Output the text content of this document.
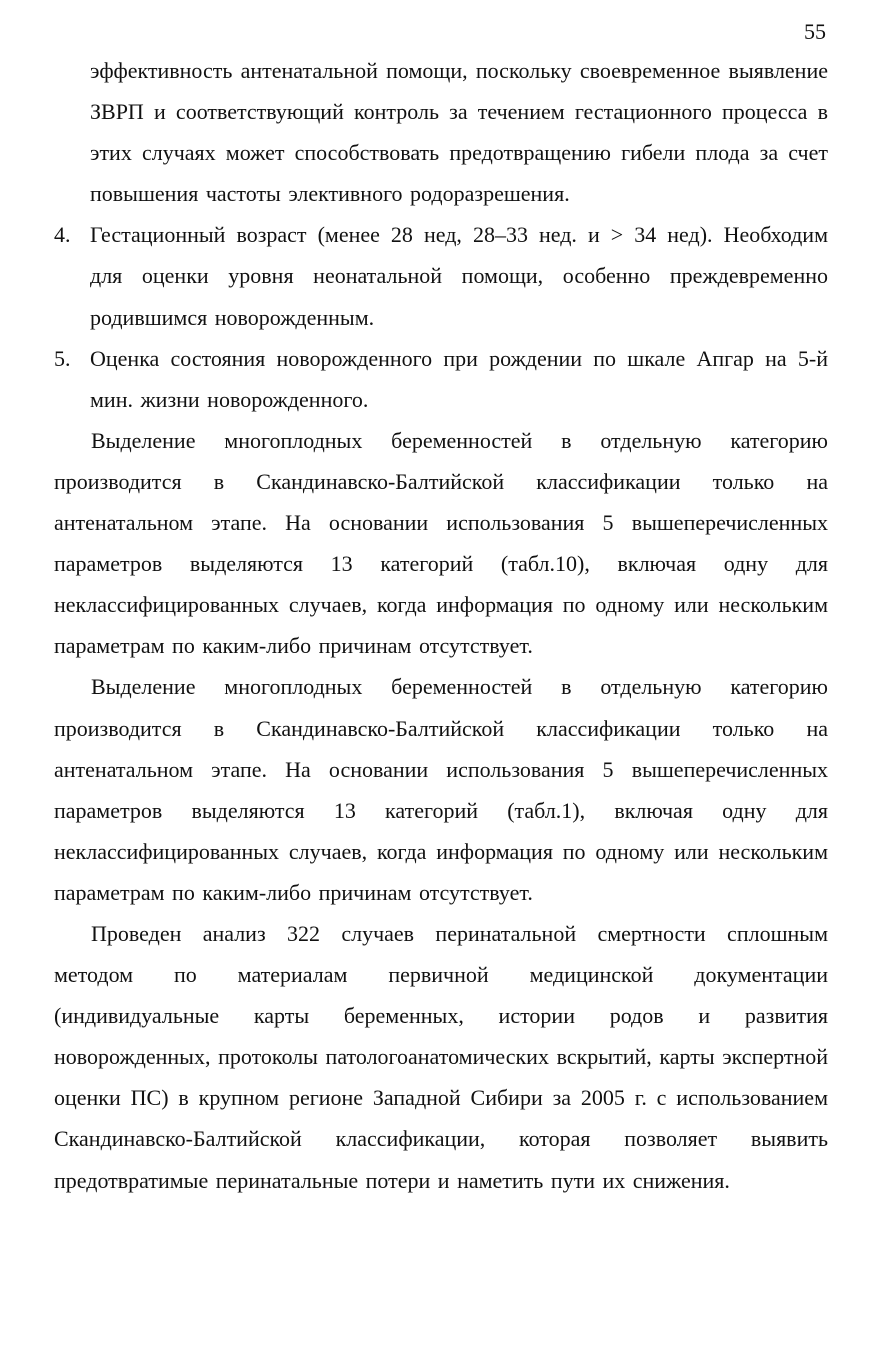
55

эффективность антенатальной помощи, поскольку своевременное выявление ЗВРП и соответствующий контроль за течением гестационного процесса в этих случаях может способствовать предотвращению гибели плода за счет повышения частоты элективного родоразрешения.

4. Гестационный возраст (менее 28 нед, 28–33 нед. и > 34 нед). Необходим для оценки уровня неонатальной помощи, особенно преждевременно родившимся новорожденным.
5. Оценка состояния новорожденного при рождении по шкале Апгар на 5-й мин. жизни новорожденного.

Выделение многоплодных беременностей в отдельную категорию производится в Скандинавско-Балтийской классификации только на антенатальном этапе. На основании использования 5 вышеперечисленных параметров выделяются 13 категорий (табл.10), включая одну для неклассифицированных случаев, когда информация по одному или нескольким параметрам по каким-либо причинам отсутствует.

Выделение многоплодных беременностей в отдельную категорию производится в Скандинавско-Балтийской классификации только на антенатальном этапе. На основании использования 5 вышеперечисленных параметров выделяются 13 категорий (табл.1), включая одну для неклассифицированных случаев, когда информация по одному или нескольким параметрам по каким-либо причинам отсутствует.

Проведен анализ 322 случаев перинатальной смертности сплошным методом по материалам первичной медицинской документации (индивидуальные карты беременных, истории родов и развития новорожденных, протоколы патологоанатомических вскрытий, карты экспертной оценки ПС) в крупном регионе Западной Сибири за 2005 г. с использованием Скандинавско-Балтийской классификации, которая позволяет выявить предотвратимые перинатальные потери и наметить пути их снижения.
